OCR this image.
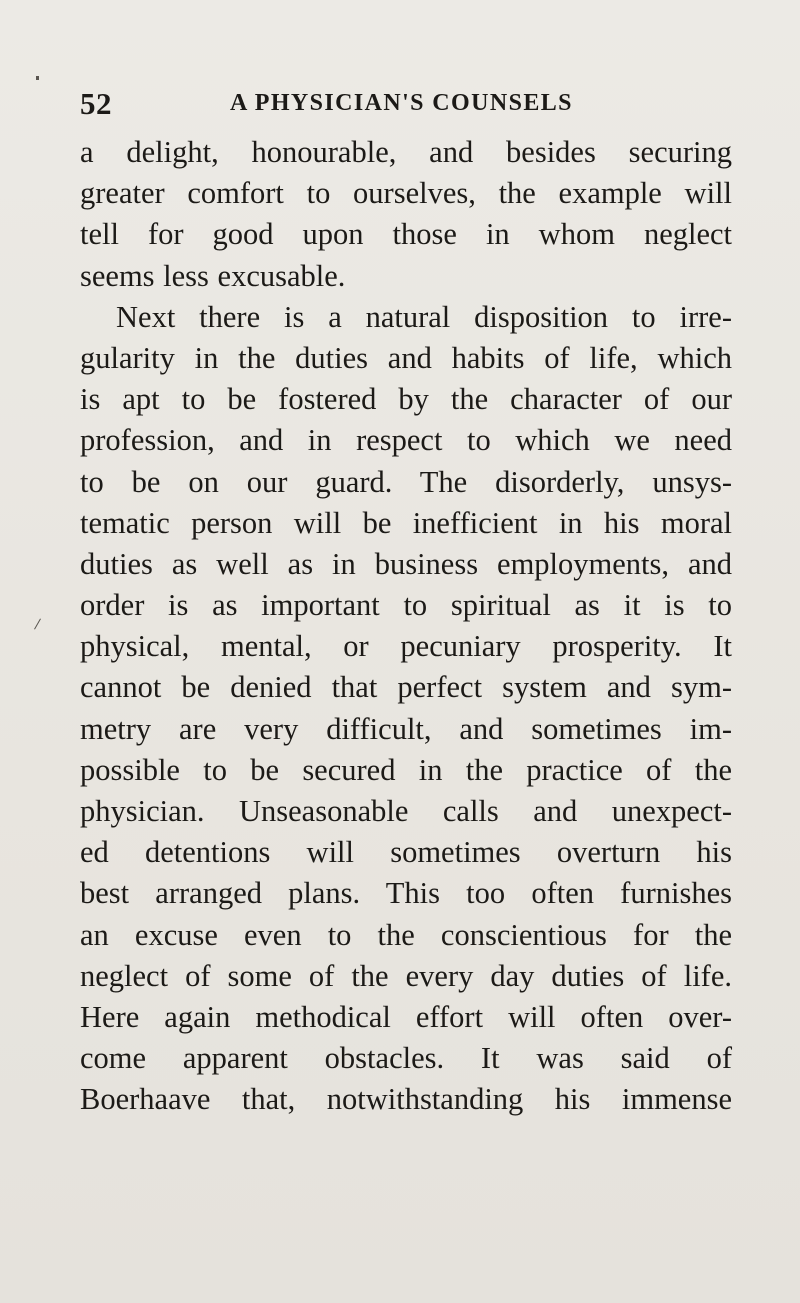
52	A PHYSICIAN'S COUNSELS
a delight, honourable, and besides securing
greater comfort to ourselves, the example will
tell for good upon those in whom neglect
seems less excusable.
Next there is a natural disposition to irre-
gularity in the duties and habits of life, which
is apt to be fostered by the character of our
profession, and in respect to which we need
to be on our guard. The disorderly, unsys-
tematic person will be inefficient in his moral
duties as well as in business employments, and
order is as important to spiritual as it is to
physical, mental, or pecuniary prosperity. It
cannot be denied that perfect system and sym-
metry are very difficult, and sometimes im-
possible to be secured in the practice of the
physician. Unseasonable calls and unexpect-
ed detentions will sometimes overturn his
best arranged plans. This too often furnishes
an excuse even to the conscientious for the
neglect of some of the every day duties of life.
Here again methodical effort will often over-
come apparent obstacles. It was said of
Boerhaave that, notwithstanding his immense
